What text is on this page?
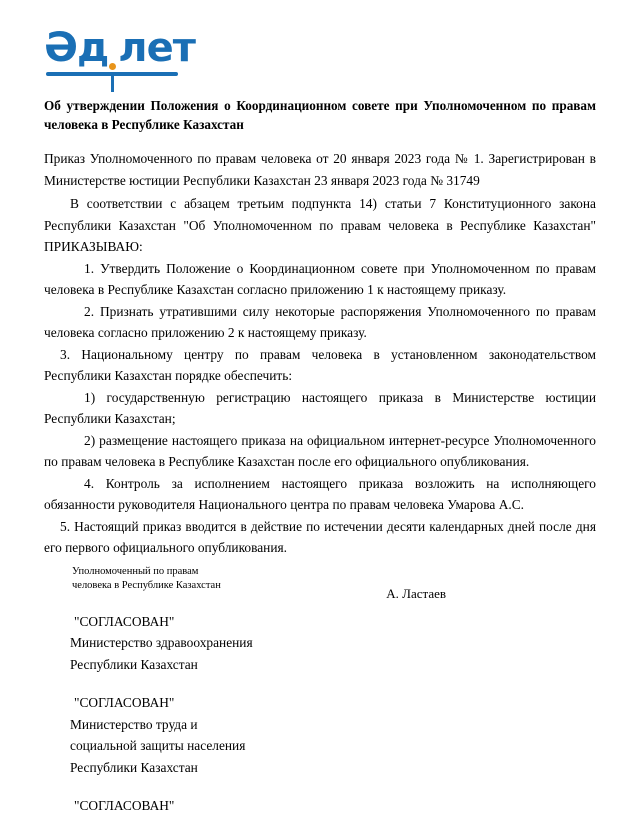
Әд лет
Об утверждении Положения о Координационном совете при Уполномоченном по правам человека в Республике Казахстан

Приказ Уполномоченного по правам человека от 20 января 2023 года № 1. Зарегистрирован в Министерстве юстиции Республики Казахстан 23 января 2023 года № 31749

В соответствии с абзацем третьим подпункта 14) статьи 7 Конституционного закона Республики Казахстан "Об Уполномоченном по правам человека в Республике Казахстан" ПРИКАЗЫВАЮ:

1. Утвердить Положение о Координационном совете при Уполномоченном по правам человека в Республике Казахстан согласно приложению 1 к настоящему приказу.

2. Признать утратившими силу некоторые распоряжения Уполномоченного по правам человека согласно приложению 2 к настоящему приказу.

3. Национальному центру по правам человека в установленном законодательством Республики Казахстан порядке обеспечить:

1) государственную регистрацию настоящего приказа в Министерстве юстиции Республики Казахстан;

2) размещение настоящего приказа на официальном интернет-ресурсе Уполномоченного по правам человека в Республике Казахстан после его официального опубликования.

4. Контроль за исполнением настоящего приказа возложить на исполняющего обязанности руководителя Национального центра по правам человека Умарова А.С.

5. Настоящий приказ вводится в действие по истечении десяти календарных дней после дня его первого официального опубликования.

Уполномоченный по правам
человека в Республике Казахстан
А. Ластаев
"СОГЛАСОВАН"
Министерство здравоохранения
Республики Казахстан
"СОГЛАСОВАН"
Министерство труда и
социальной защиты населения
Республики Казахстан
"СОГЛАСОВАН"
